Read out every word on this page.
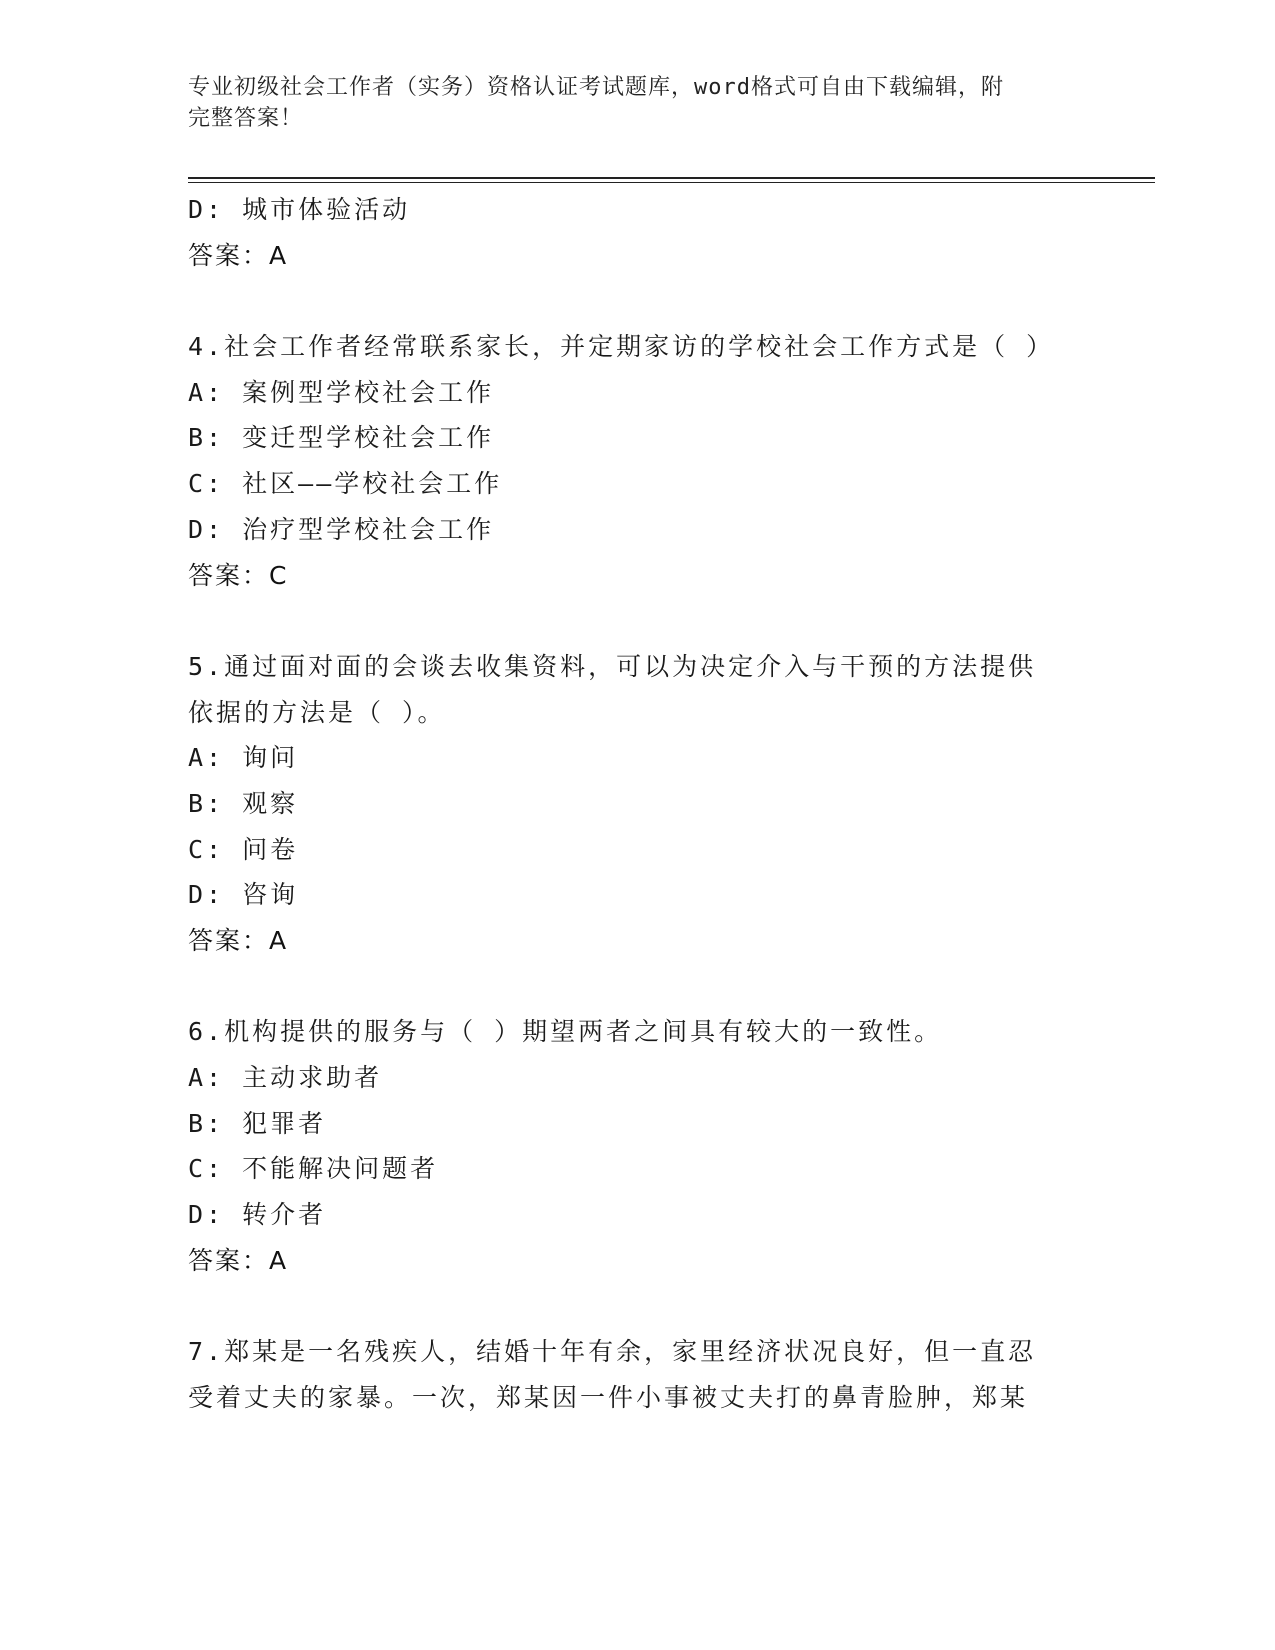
专业初级社会工作者（实务）资格认证考试题库，word格式可自由下载编辑，附
完整答案！
D: 城市体验活动
答案：A
4.社会工作者经常联系家长，并定期家访的学校社会工作方式是（ ）
A: 案例型学校社会工作
B: 变迁型学校社会工作
C: 社区——学校社会工作
D: 治疗型学校社会工作
答案：C
5.通过面对面的会谈去收集资料，可以为决定介入与干预的方法提供
依据的方法是（ ）。
A: 询问
B: 观察
C: 问卷
D: 咨询
答案：A
6.机构提供的服务与（ ）期望两者之间具有较大的一致性。
A: 主动求助者
B: 犯罪者
C: 不能解决问题者
D: 转介者
答案：A
7.郑某是一名残疾人，结婚十年有余，家里经济状况良好，但一直忍
受着丈夫的家暴。一次，郑某因一件小事被丈夫打的鼻青脸肿，郑某
